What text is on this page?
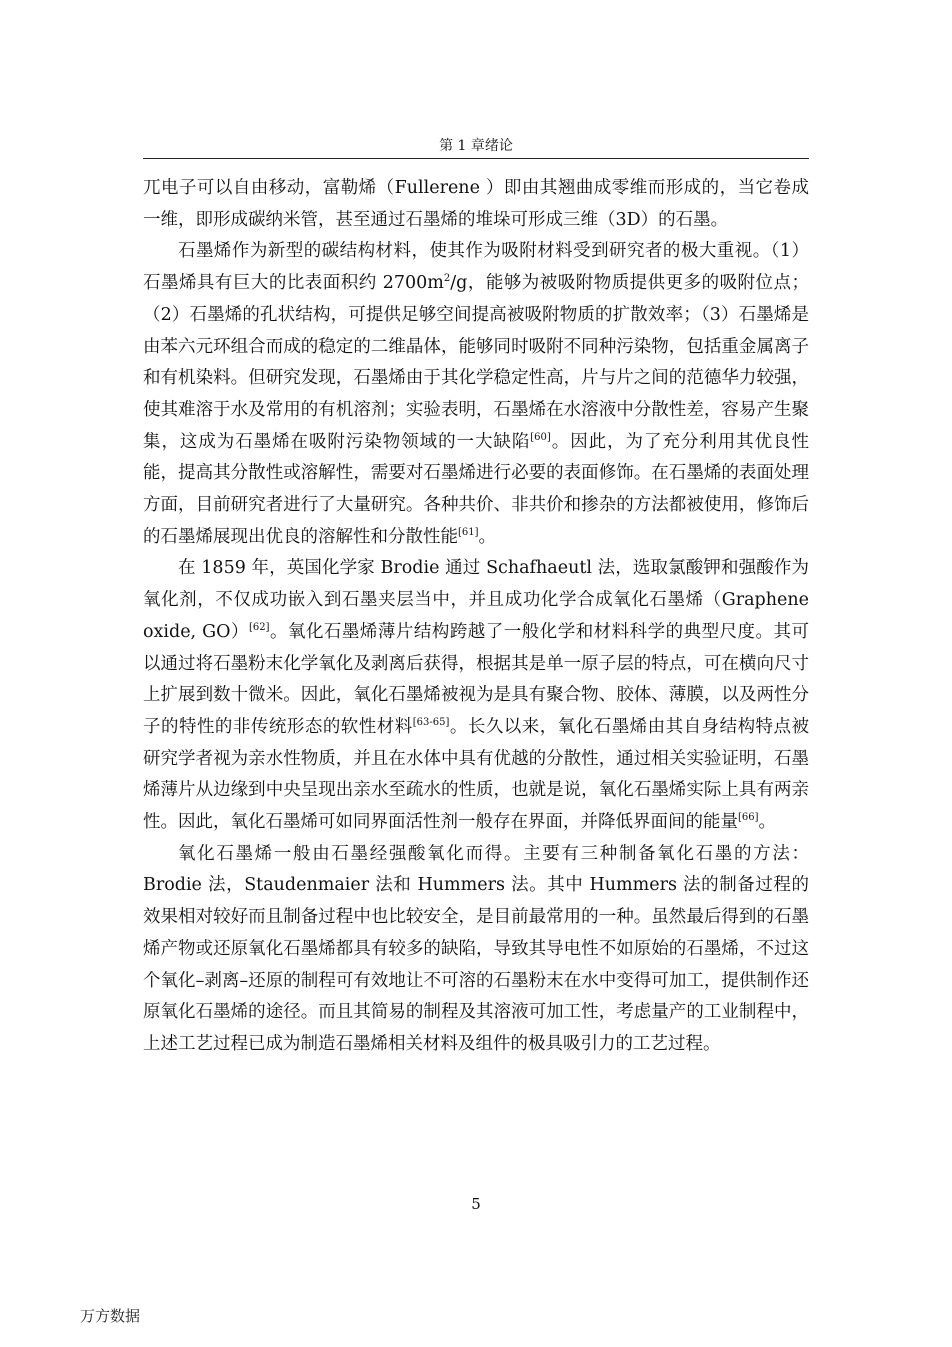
第 1 章绪论

兀电子可以自由移动，富勒烯（Fullerene ）即由其翘曲成零维而形成的，当它卷成一维，即形成碳纳米管，甚至通过石墨烯的堆垛可形成三维（3D）的石墨。

石墨烯作为新型的碳结构材料，使其作为吸附材料受到研究者的极大重视。（1）石墨烯具有巨大的比表面积约 $2700m^2/g$，能够为被吸附物质提供更多的吸附位点；（2）石墨烯的孔状结构，可提供足够空间提高被吸附物质的扩散效率；（3）石墨烯是由苯六元环组合而成的稳定的二维晶体，能够同时吸附不同种污染物，包括重金属离子和有机染料。但研究发现，石墨烯由于其化学稳定性高，片与片之间的范德华力较强，使其难溶于水及常用的有机溶剂；实验表明，石墨烯在水溶液中分散性差，容易产生聚集，这成为石墨烯在吸附污染物领域的一大缺陷[60]。因此，为了充分利用其优良性能，提高其分散性或溶解性，需要对石墨烯进行必要的表面修饰。在石墨烯的表面处理方面，目前研究者进行了大量研究。各种共价、非共价和掺杂的方法都被使用，修饰后的石墨烯展现出优良的溶解性和分散性能[61]。

在 1859 年，英国化学家 Brodie 通过 Schafhaeutl 法，选取氯酸钾和强酸作为氧化剂，不仅成功嵌入到石墨夹层当中，并且成功化学合成氧化石墨烯（Graphene oxide, GO）[62]。氧化石墨烯薄片结构跨越了一般化学和材料科学的典型尺度。其可以通过将石墨粉末化学氧化及剥离后获得，根据其是单一原子层的特点，可在横向尺寸上扩展到数十微米。因此，氧化石墨烯被视为是具有聚合物、胶体、薄膜，以及两性分子的特性的非传统形态的软性材料[63-65]。长久以来，氧化石墨烯由其自身结构特点被研究学者视为亲水性物质，并且在水体中具有优越的分散性，通过相关实验证明，石墨烯薄片从边缘到中央呈现出亲水至疏水的性质，也就是说，氧化石墨烯实际上具有两亲性。因此，氧化石墨烯可如同界面活性剂一般存在界面，并降低界面间的能量[66]。

氧化石墨烯一般由石墨经强酸氧化而得。主要有三种制备氧化石墨的方法：Brodie 法，Staudenmaier 法和 Hummers 法。其中 Hummers 法的制备过程的效果相对较好而且制备过程中也比较安全，是目前最常用的一种。虽然最后得到的石墨烯产物或还原氧化石墨烯都具有较多的缺陷，导致其导电性不如原始的石墨烯，不过这个氧化–剥离–还原的制程可有效地让不可溶的石墨粉末在水中变得可加工，提供制作还原氧化石墨烯的途径。而且其简易的制程及其溶液可加工性，考虑量产的工业制程中，上述工艺过程已成为制造石墨烯相关材料及组件的极具吸引力的工艺过程。

5
万方数据
